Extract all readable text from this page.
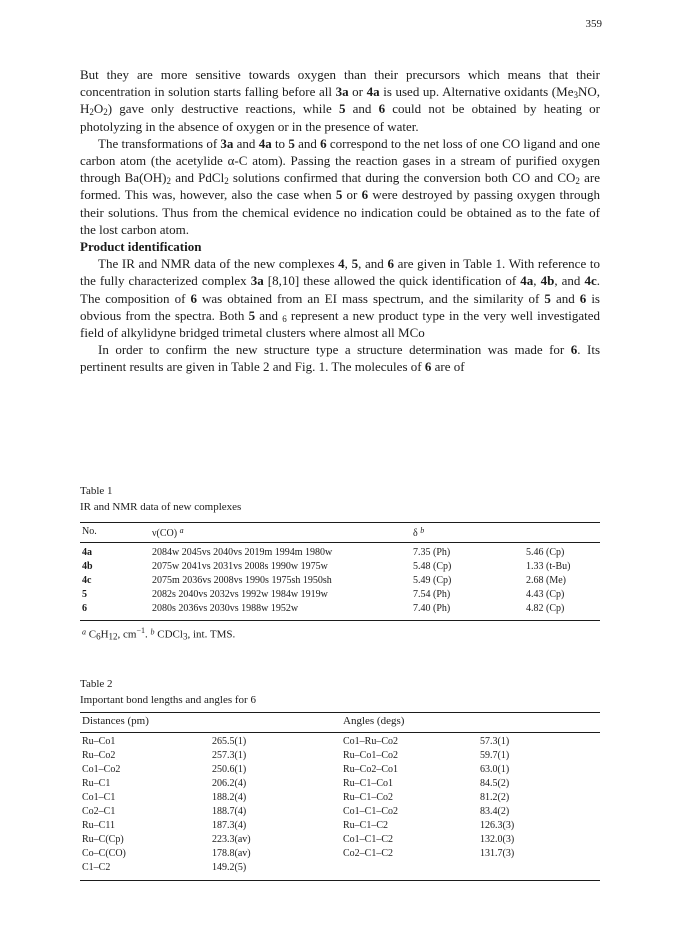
359

But they are more sensitive towards oxygen than their precursors which means that their concentration in solution starts falling before all 3a or 4a is used up. Alternative oxidants ($Me_3NO$, $H_2O_2$) gave only destructive reactions, while 5 and 6 could not be obtained by heating or photolyzing in the absence of oxygen or in the presence of water.

The transformations of 3a and 4a to 5 and 6 correspond to the net loss of one CO ligand and one carbon atom (the acetylide α-C atom). Passing the reaction gases in a stream of purified oxygen through $Ba(OH)_2$ and PdCl$_2$ solutions confirmed that during the conversion both CO and $CO_2$ are formed. This was, however, also the case when 5 or 6 were destroyed by passing oxygen through their solutions. Thus from the chemical evidence no indication could be obtained as to the fate of the lost carbon atom.

Product identification

The IR and NMR data of the new complexes 4, 5, and 6 are given in Table 1. With reference to the fully characterized complex 3a [8,10] these allowed the quick identification of 4a, 4b, and 4c. The composition of 6 was obtained from an EI mass spectrum, and the similarity of 5 and 6 is obvious from the spectra. Both 5 and $_6$ represent a new product type in the very well investigated field of alkylidyne bridged trimetal clusters where almost all MCo

In order to confirm the new structure type a structure determination was made for 6. Its pertinent results are given in Table 2 and Fig. 1. The molecules of 6 are of

Table 1
IR and NMR data of new complexes
No.	ν(CO) $^a$	δ $^b$
4a	2084w 2045vs 2040vs 2019m 1994m 1980w	7.35 (Ph)	5.46 (Cp)
4b	2075w 2041vs 2031vs 2008s 1990w 1975w	5.48 (Cp)	1.33 (t-Bu)
4c	2075m 2036vs 2008vs 1990s 1975sh 1950sh	5.49 (Cp)	2.68 (Me)
5	2082s 2040vs 2032vs 1992w 1984w 1919w	7.54 (Ph)	4.43 (Cp)
6	2080s 2036vs 2030vs 1988w 1952w	7.40 (Ph)	4.82 (Cp)
$^a$ $C_6H_{12}$, $cm^{-1}$. $^b$ CDCl$_3$, int. TMS.
Table 2
Important bond lengths and angles for 6
Distances (pm)	Angles (degs)
Ru–Co1	265.5(1)	Co1–Ru–Co2	57.3(1)
Ru–Co2	257.3(1)	Ru–Co1–Co2	59.7(1)
Co1–Co2	250.6(1)	Ru–Co2–Co1	63.0(1)
Ru–C1	206.2(4)	Ru–C1–Co1	84.5(2)
Co1–C1	188.2(4)	Ru–C1–Co2	81.2(2)
Co2–C1	188.7(4)	Co1–C1–Co2	83.4(2)
Ru–C11	187.3(4)	Ru–C1–C2	126.3(3)
Ru–C(Cp)	223.3(av)	Co1–C1–C2	132.0(3)
Co–C(CO)	178.8(av)	Co2–C1–C2	131.7(3)
C1–C2	149.2(5)
